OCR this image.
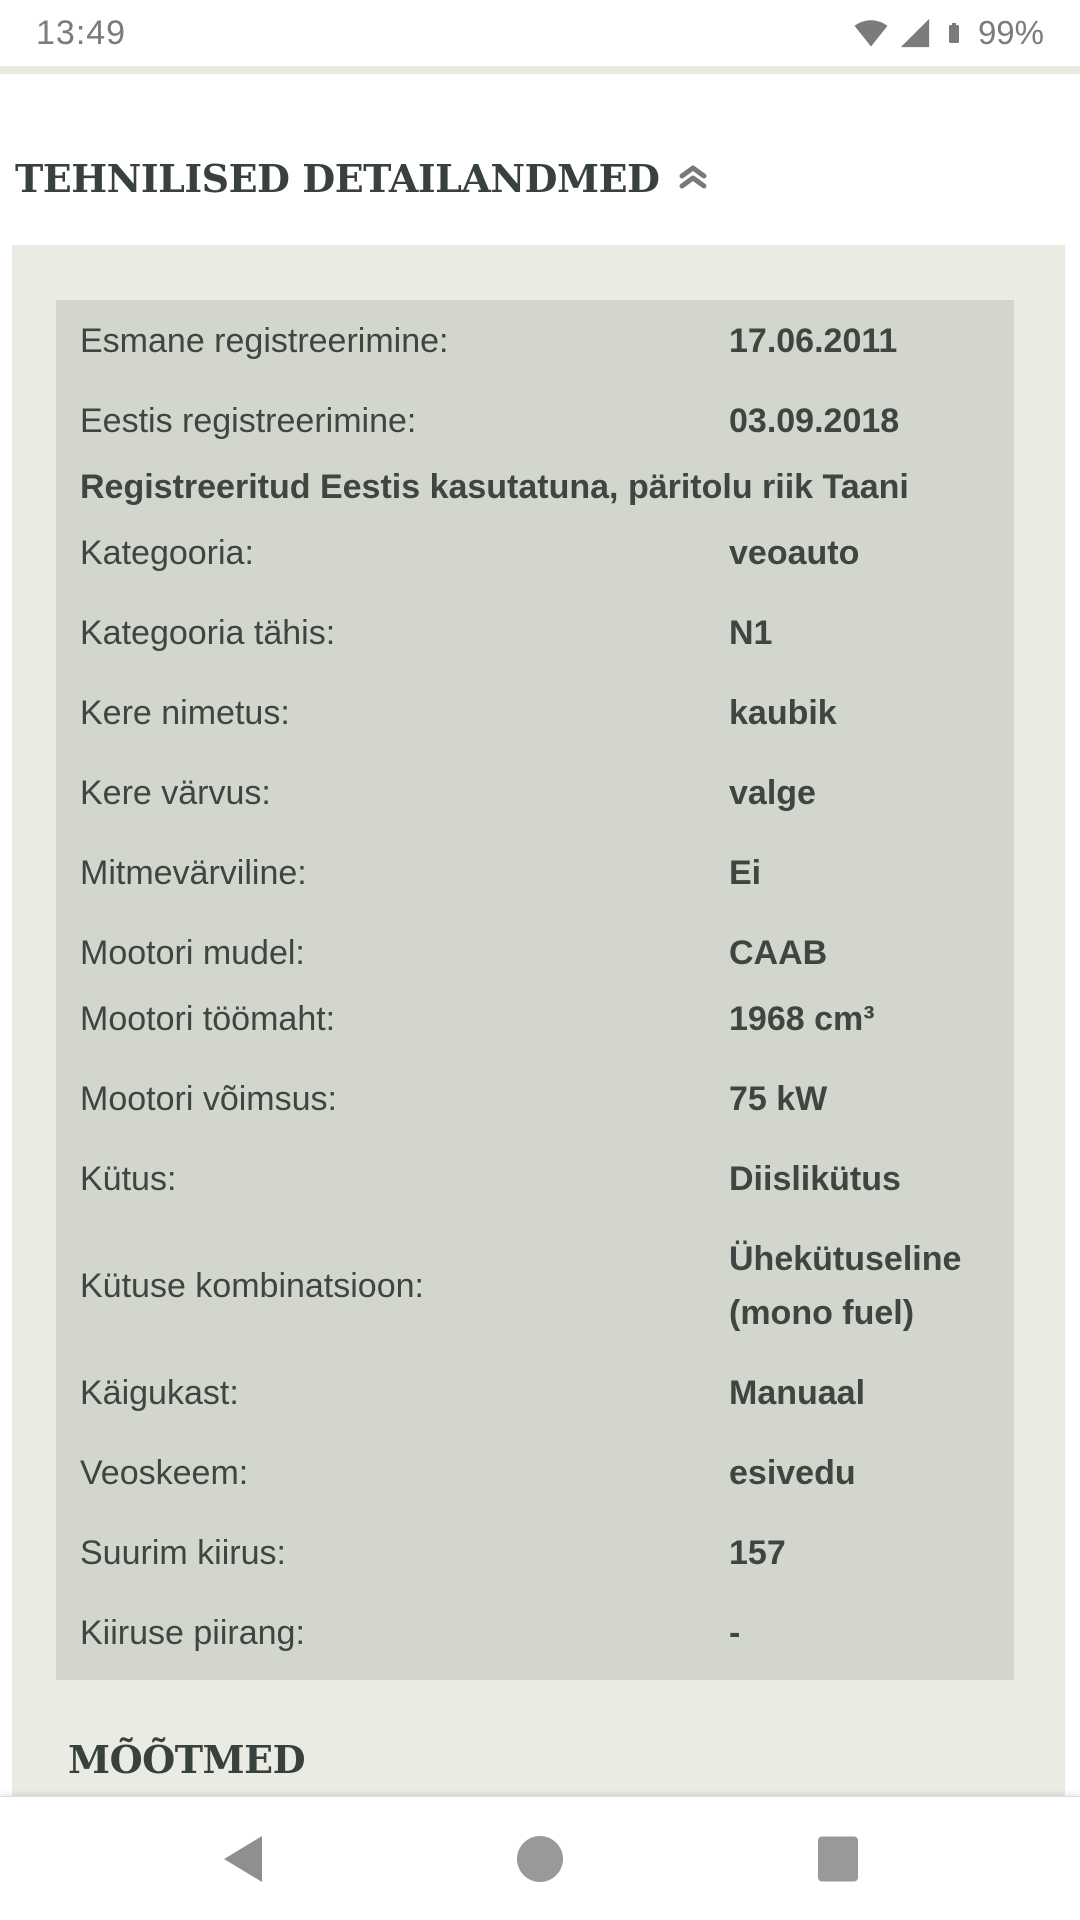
13:49	99%
TEHNILISED DETAILANDMED
Esmane registreerimine:	17.06.2011
Eestis registreerimine:	03.09.2018
Registreeritud Eestis kasutatuna, päritolu riik Taani
Kategooria:	veoauto
Kategooria tähis:	N1
Kere nimetus:	kaubik
Kere värvus:	valge
Mitmevärviline:	Ei
Mootori mudel:	CAAB
Mootori töömaht:	1968 cm³
Mootori võimsus:	75 kW
Kütus:	Diislikütus
Kütuse kombinatsioon:
Ühekütuseline (mono fuel)
Käigukast:	Manuaal
Veoskeem:	esivedu
Suurim kiirus:	157
Kiiruse piirang:	-
MÕÕTMED
